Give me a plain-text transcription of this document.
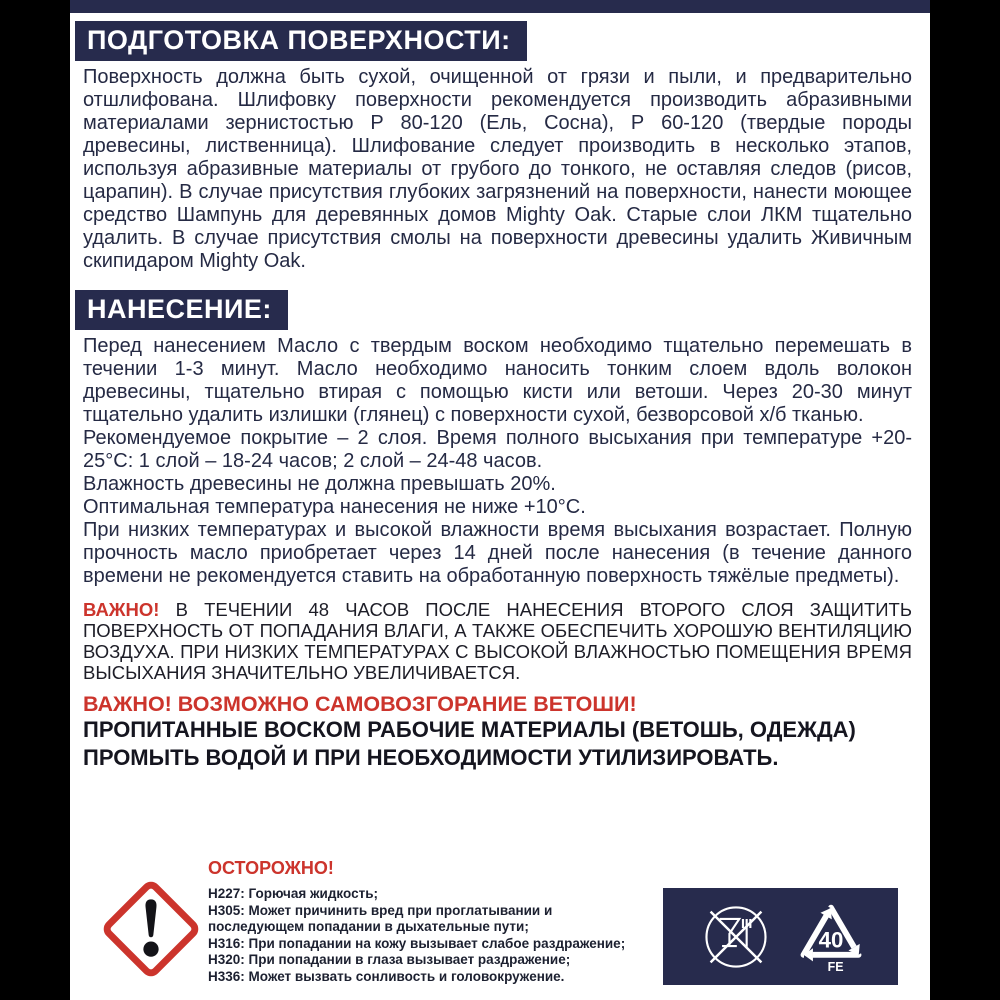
ПОДГОТОВКА ПОВЕРХНОСТИ:

Поверхность должна быть сухой, очищенной от грязи и пыли, и предварительно отшлифована. Шлифовку поверхности рекомендуется производить абразивными материалами зернистостью Р 80-120 (Ель, Сосна), Р 60-120 (твердые породы древесины, лиственница). Шлифование следует производить в несколько этапов, используя абразивные материалы от грубого до тонкого, не оставляя следов (рисов, царапин). В случае присутствия глубоких загрязнений на поверхности, нанести моющее средство Шампунь для деревянных домов Mighty Oak. Старые слои ЛКМ тщательно удалить. В случае присутствия смолы на поверхности древесины удалить Живичным скипидаром Mighty Oak.

НАНЕСЕНИЕ:

Перед нанесением Масло с твердым воском необходимо тщательно перемешать в течении 1-3 минут. Масло необходимо наносить тонким слоем вдоль волокон древесины, тщательно втирая с помощью кисти или ветоши. Через 20-30 минут тщательно удалить излишки (глянец) с поверхности сухой, безворсовой х/б тканью.

Рекомендуемое покрытие – 2 слоя. Время полного высыхания при температуре +20-25°С: 1 слой – 18-24 часов; 2 слой – 24-48 часов.

Влажность древесины не должна превышать 20%.

Оптимальная температура нанесения не ниже +10°С.

При низких температурах и высокой влажности время высыхания возрастает. Полную прочность масло приобретает через 14 дней после нанесения (в течение данного времени не рекомендуется ставить на обработанную поверхность тяжёлые предметы).

ВАЖНО! В ТЕЧЕНИИ 48 ЧАСОВ ПОСЛЕ НАНЕСЕНИЯ ВТОРОГО СЛОЯ ЗАЩИТИТЬ ПОВЕРХНОСТЬ ОТ ПОПАДАНИЯ ВЛАГИ, А ТАКЖЕ ОБЕСПЕЧИТЬ ХОРОШУЮ ВЕНТИЛЯЦИЮ ВОЗДУХА. ПРИ НИЗКИХ ТЕМПЕРАТУРАХ С ВЫСОКОЙ ВЛАЖНОСТЬЮ ПОМЕЩЕНИЯ ВРЕМЯ ВЫСЫХАНИЯ ЗНАЧИТЕЛЬНО УВЕЛИЧИВАЕТСЯ.

ВАЖНО! ВОЗМОЖНО САМОВОЗГОРАНИЕ ВЕТОШИ!
ПРОПИТАННЫЕ ВОСКОМ РАБОЧИЕ МАТЕРИАЛЫ (ВЕТОШЬ, ОДЕЖДА)
ПРОМЫТЬ ВОДОЙ И ПРИ НЕОБХОДИМОСТИ УТИЛИЗИРОВАТЬ.
ОСТОРОЖНО!
H227: Горючая жидкость;
H305: Может причинить вред при проглатывании и
последующем попадании в дыхательные пути;
H316: При попадании на кожу вызывает слабое раздражение;
H320: При попадании в глаза вызывает раздражение;
H336: Может вызвать сонливость и головокружение.
40
FE
